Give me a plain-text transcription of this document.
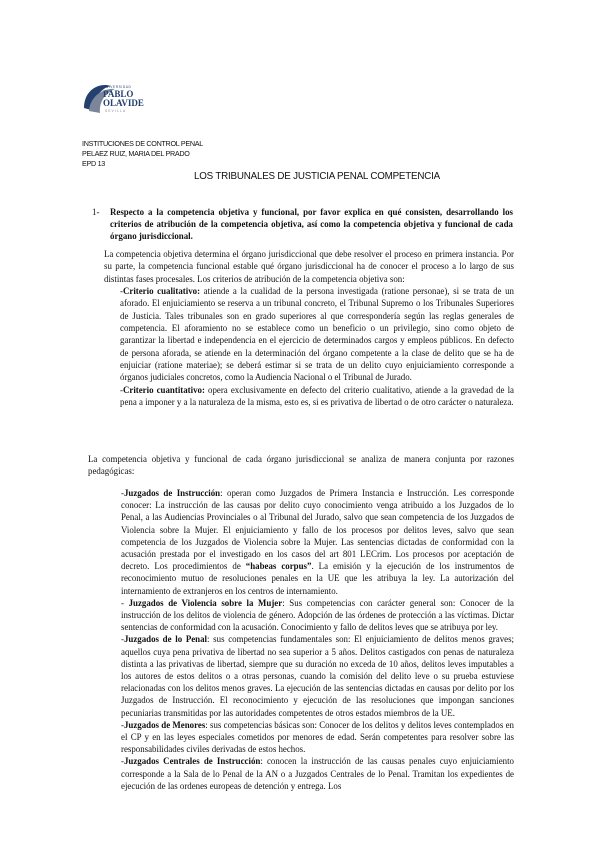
UNIVERSIDAD
PABLO
OLAVIDE
SEVILLA
INSTITUCIONES DE CONTROL PENAL
PELAEZ RUIZ, MARIA DEL PRADO
EPD 13
LOS TRIBUNALES DE JUSTICIA PENAL COMPETENCIA
1- Respecto a la competencia objetiva y funcional, por favor explica en qué consisten, desarrollando los criterios de atribución de la competencia objetiva, así como la competencia objetiva y funcional de cada órgano jurisdiccional.

La competencia objetiva determina el órgano jurisdiccional que debe resolver el proceso en primera instancia. Por su parte, la competencia funcional estable qué órgano jurisdiccional ha de conocer el proceso a lo largo de sus distintas fases procesales. Los criterios de atribución de la competencia objetiva son:

-Criterio cualitativo: atiende a la cualidad de la persona investigada (ratione personae), si se trata de un aforado. El enjuiciamiento se reserva a un tribunal concreto, el Tribunal Supremo o los Tribunales Superiores de Justicia. Tales tribunales son en grado superiores al que correspondería según las reglas generales de competencia. El aforamiento no se establece como un beneficio o un privilegio, sino como objeto de garantizar la libertad e independencia en el ejercicio de determinados cargos y empleos públicos. En defecto de persona aforada, se atiende en la determinación del órgano competente a la clase de delito que se ha de enjuiciar (ratione materiae); se deberá estimar si se trata de un delito cuyo enjuiciamiento corresponde a órganos judiciales concretos, como la Audiencia Nacional o el Tribunal de Jurado.

-Criterio cuantitativo: opera exclusivamente en defecto del criterio cualitativo, atiende a la gravedad de la pena a imponer y a la naturaleza de la misma, esto es, si es privativa de libertad o de otro carácter o naturaleza.

La competencia objetiva y funcional de cada órgano jurisdiccional se analiza de manera conjunta por razones pedagógicas:

-Juzgados de Instrucción: operan como Juzgados de Primera Instancia e Instrucción. Les corresponde conocer: La instrucción de las causas por delito cuyo conocimiento venga atribuido a los Juzgados de lo Penal, a las Audiencias Provinciales o al Tribunal del Jurado, salvo que sean competencia de los Juzgados de Violencia sobre la Mujer. El enjuiciamiento y fallo de los procesos por delitos leves, salvo que sean competencia de los Juzgados de Violencia sobre la Mujer. Las sentencias dictadas de conformidad con la acusación prestada por el investigado en los casos del art 801 LECrim. Los procesos por aceptación de decreto. Los procedimientos de “habeas corpus”. La emisión y la ejecución de los instrumentos de reconocimiento mutuo de resoluciones penales en la UE que les atribuya la ley. La autorización del internamiento de extranjeros en los centros de internamiento.

- Juzgados de Violencia sobre la Mujer: Sus competencias con carácter general son: Conocer de la instrucción de los delitos de violencia de género. Adopción de las órdenes de protección a las víctimas. Dictar sentencias de conformidad con la acusación. Conocimiento y fallo de delitos leves que se atribuya por ley.

-Juzgados de lo Penal: sus competencias fundamentales son: El enjuiciamiento de delitos menos graves; aquellos cuya pena privativa de libertad no sea superior a 5 años. Delitos castigados con penas de naturaleza distinta a las privativas de libertad, siempre que su duración no exceda de 10 años, delitos leves imputables a los autores de estos delitos o a otras personas, cuando la comisión del delito leve o su prueba estuviese relacionadas con los delitos menos graves. La ejecución de las sentencias dictadas en causas por delito por los Juzgados de Instrucción. El reconocimiento y ejecución de las resoluciones que impongan sanciones pecuniarias transmitidas por las autoridades competentes de otros estados miembros de la UE.

-Juzgados de Menores: sus competencias básicas son: Conocer de los delitos y delitos leves contemplados en el CP y en las leyes especiales cometidos por menores de edad. Serán competentes para resolver sobre las responsabilidades civiles derivadas de estos hechos.

-Juzgados Centrales de Instrucción: conocen la instrucción de las causas penales cuyo enjuiciamiento corresponde a la Sala de lo Penal de la AN o a Juzgados Centrales de lo Penal. Tramitan los expedientes de ejecución de las ordenes europeas de detención y entrega. Los
